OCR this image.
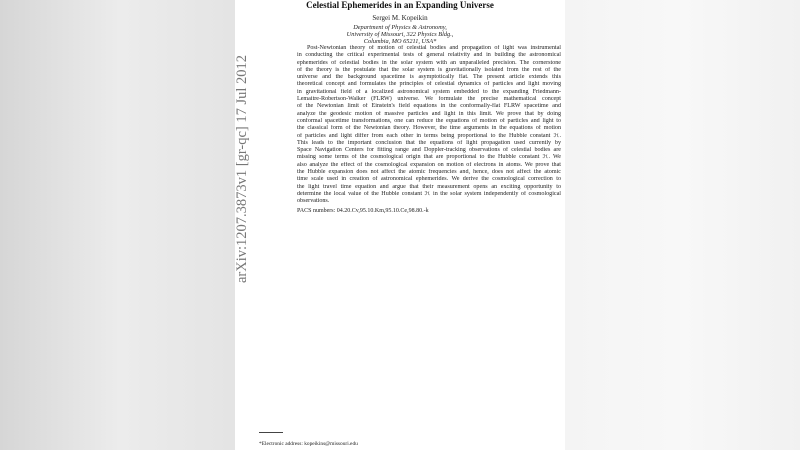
arXiv:1207.3873v1 [gr-qc] 17 Jul 2012
Celestial Ephemerides in an Expanding Universe
Sergei M. Kopeikin
Department of Physics & Astronomy,
University of Missouri, 322 Physics Bldg.,
Columbia, MO 65211, USA*
Post-Newtonian theory of motion of celestial bodies and propagation of light was instrumental
in conducting the critical experimental tests of general relativity and in building the astronomical
ephemerides of celestial bodies in the solar system with an unparalleled precision. The cornerstone
of the theory is the postulate that the solar system is gravitationally isolated from the rest of the
universe and the background spacetime is asymptotically flat. The present article extends this
theoretical concept and formulates the principles of celestial dynamics of particles and light moving
in gravitational field of a localized astronomical system embedded to the expanding Friedmann-
Lemaitre-Robertson-Walker (FLRW) universe. We formulate the precise mathematical concept
of the Newtonian limit of Einstein's field equations in the conformally-flat FLRW spacetime and
analyze the geodesic motion of massive particles and light in this limit. We prove that by doing
conformal spacetime transformations, one can reduce the equations of motion of particles and light to
the classical form of the Newtonian theory. However, the time arguments in the equations of motion
of particles and light differ from each other in terms being proportional to the Hubble constant ℋ.
This leads to the important conclusion that the equations of light propagation used currently by
Space Navigation Centers for fitting range and Doppler-tracking observations of celestial bodies are
missing some terms of the cosmological origin that are proportional to the Hubble constant ℋ. We
also analyze the effect of the cosmological expansion on motion of electrons in atoms. We prove that
the Hubble expansion does not affect the atomic frequencies and, hence, does not affect the atomic
time scale used in creation of astronomical ephemerides. We derive the cosmological correction to
the light travel time equation and argue that their measurement opens an exciting opportunity to
determine the local value of the Hubble constant ℋ in the solar system independently of cosmological
observations.
PACS numbers: 04.20.Cv,95.10.Km,95.10.Ce,98.80.-k
*Electronic address: kopeikins@missouri.edu
